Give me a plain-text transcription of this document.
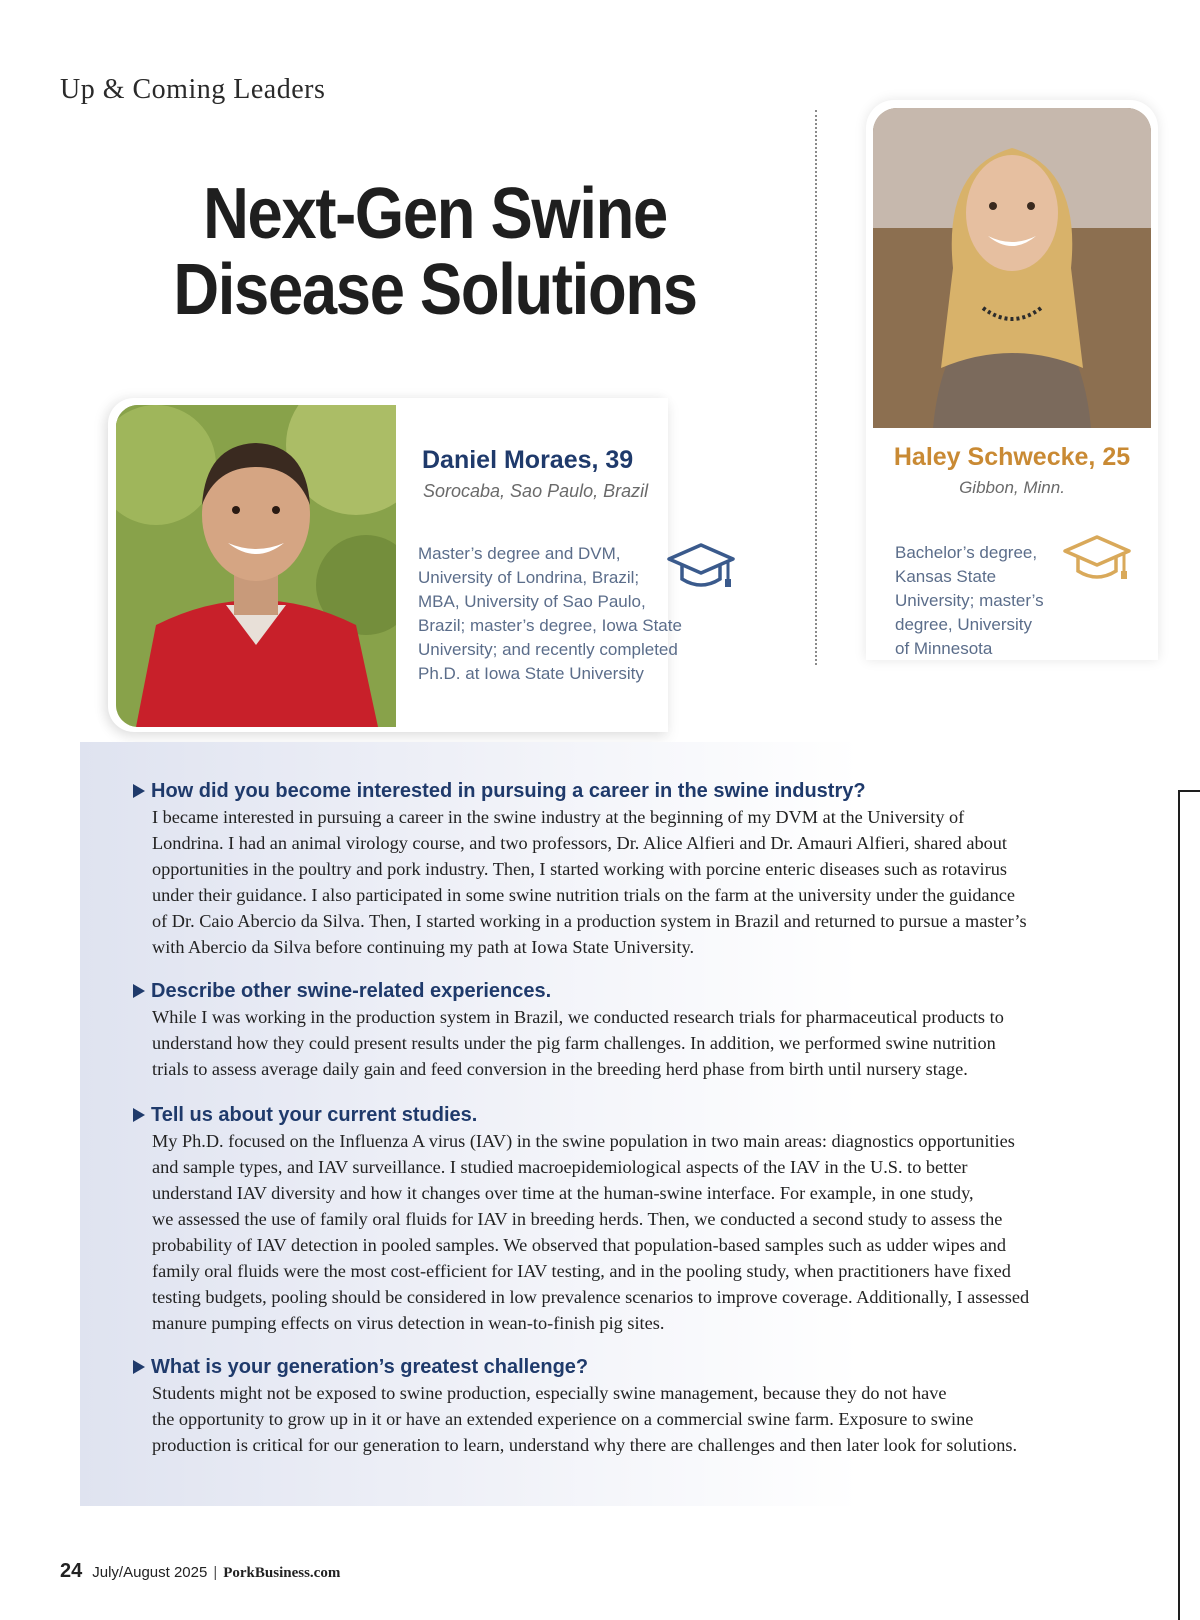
Up & Coming Leaders
Next-Gen Swine
Disease Solutions
Daniel Moraes, 39
Sorocaba, Sao Paulo, Brazil
Master’s degree and DVM,
University of Londrina, Brazil;
MBA, University of Sao Paulo,
Brazil; master’s degree, Iowa State
University; and recently completed
Ph.D. at Iowa State University
Haley Schwecke, 25
Gibbon, Minn.
Bachelor’s degree,
Kansas State
University; master’s
degree, University
of Minnesota
How did you become interested in pursuing a career in the swine industry?
I became interested in pursuing a career in the swine industry at the beginning of my DVM at the University of
Londrina. I had an animal virology course, and two professors, Dr. Alice Alfieri and Dr. Amauri Alfieri, shared about
opportunities in the poultry and pork industry. Then, I started working with porcine enteric diseases such as rotavirus
under their guidance. I also participated in some swine nutrition trials on the farm at the university under the guidance
of Dr. Caio Abercio da Silva. Then, I started working in a production system in Brazil and returned to pursue a master’s
with Abercio da Silva before continuing my path at Iowa State University.
Describe other swine-related experiences.
While I was working in the production system in Brazil, we conducted research trials for pharmaceutical products to
understand how they could present results under the pig farm challenges. In addition, we performed swine nutrition
trials to assess average daily gain and feed conversion in the breeding herd phase from birth until nursery stage.
Tell us about your current studies.
My Ph.D. focused on the Influenza A virus (IAV) in the swine population in two main areas: diagnostics opportunities
and sample types, and IAV surveillance. I studied macroepidemiological aspects of the IAV in the U.S. to better
understand IAV diversity and how it changes over time at the human-swine interface. For example, in one study,
we assessed the use of family oral fluids for IAV in breeding herds. Then, we conducted a second study to assess the
probability of IAV detection in pooled samples. We observed that population-based samples such as udder wipes and
family oral fluids were the most cost-efficient for IAV testing, and in the pooling study, when practitioners have fixed
testing budgets, pooling should be considered in low prevalence scenarios to improve coverage. Additionally, I assessed
manure pumping effects on virus detection in wean-to-finish pig sites.
What is your generation’s greatest challenge?
Students might not be exposed to swine production, especially swine management, because they do not have
the opportunity to grow up in it or have an extended experience on a commercial swine farm. Exposure to swine
production is critical for our generation to learn, understand why there are challenges and then later look for solutions.
24 July/August 2025 | PorkBusiness.com
